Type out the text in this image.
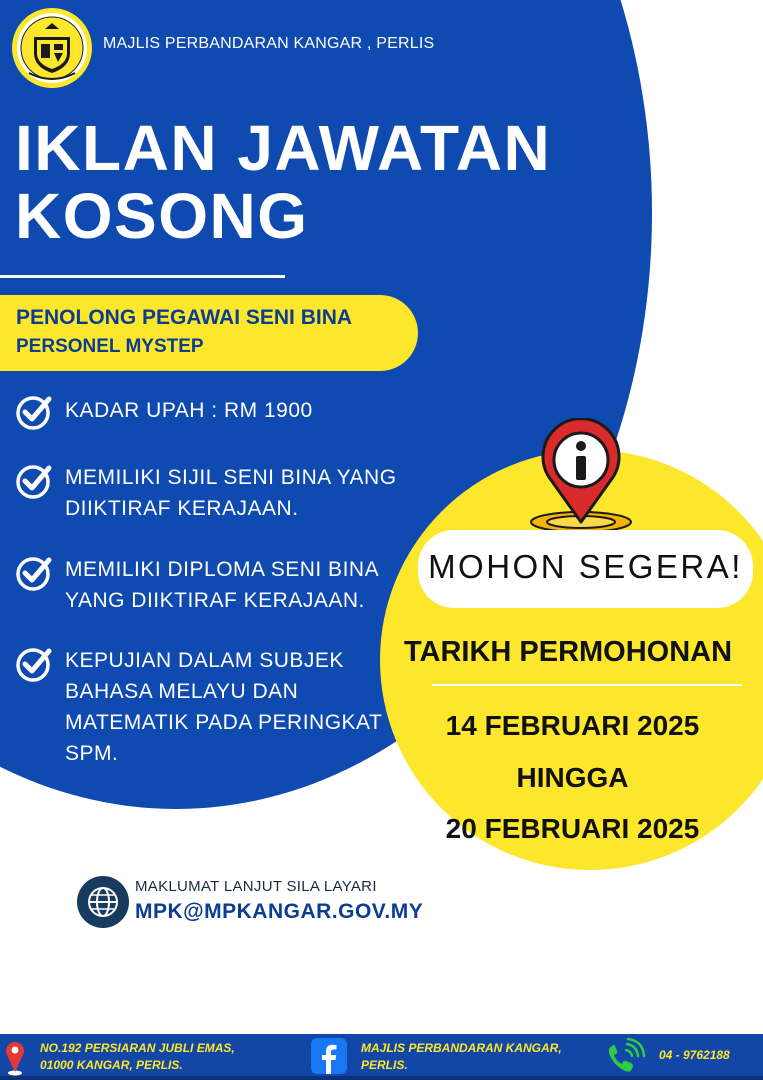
MAJLIS PERBANDARAN KANGAR , PERLIS
IKLAN JAWATAN
KOSONG
PENOLONG PEGAWAI SENI BINA
PERSONEL MYSTEP
KADAR UPAH : RM 1900
MEMILIKI SIJIL SENI BINA YANG
DIIKTIRAF KERAJAAN.
MEMILIKI DIPLOMA SENI BINA
YANG DIIKTIRAF KERAJAAN.
KEPUJIAN DALAM SUBJEK
BAHASA MELAYU DAN
MATEMATIK PADA PERINGKAT
SPM.
MOHON SEGERA!
TARIKH PERMOHONAN
14 FEBRUARI 2025
HINGGA
20 FEBRUARI 2025
MAKLUMAT LANJUT SILA LAYARI
MPK@MPKANGAR.GOV.MY
NO.192 PERSIARAN JUBLI EMAS,
01000 KANGAR, PERLIS.
MAJLIS PERBANDARAN KANGAR,
PERLIS.
04 - 9762188
